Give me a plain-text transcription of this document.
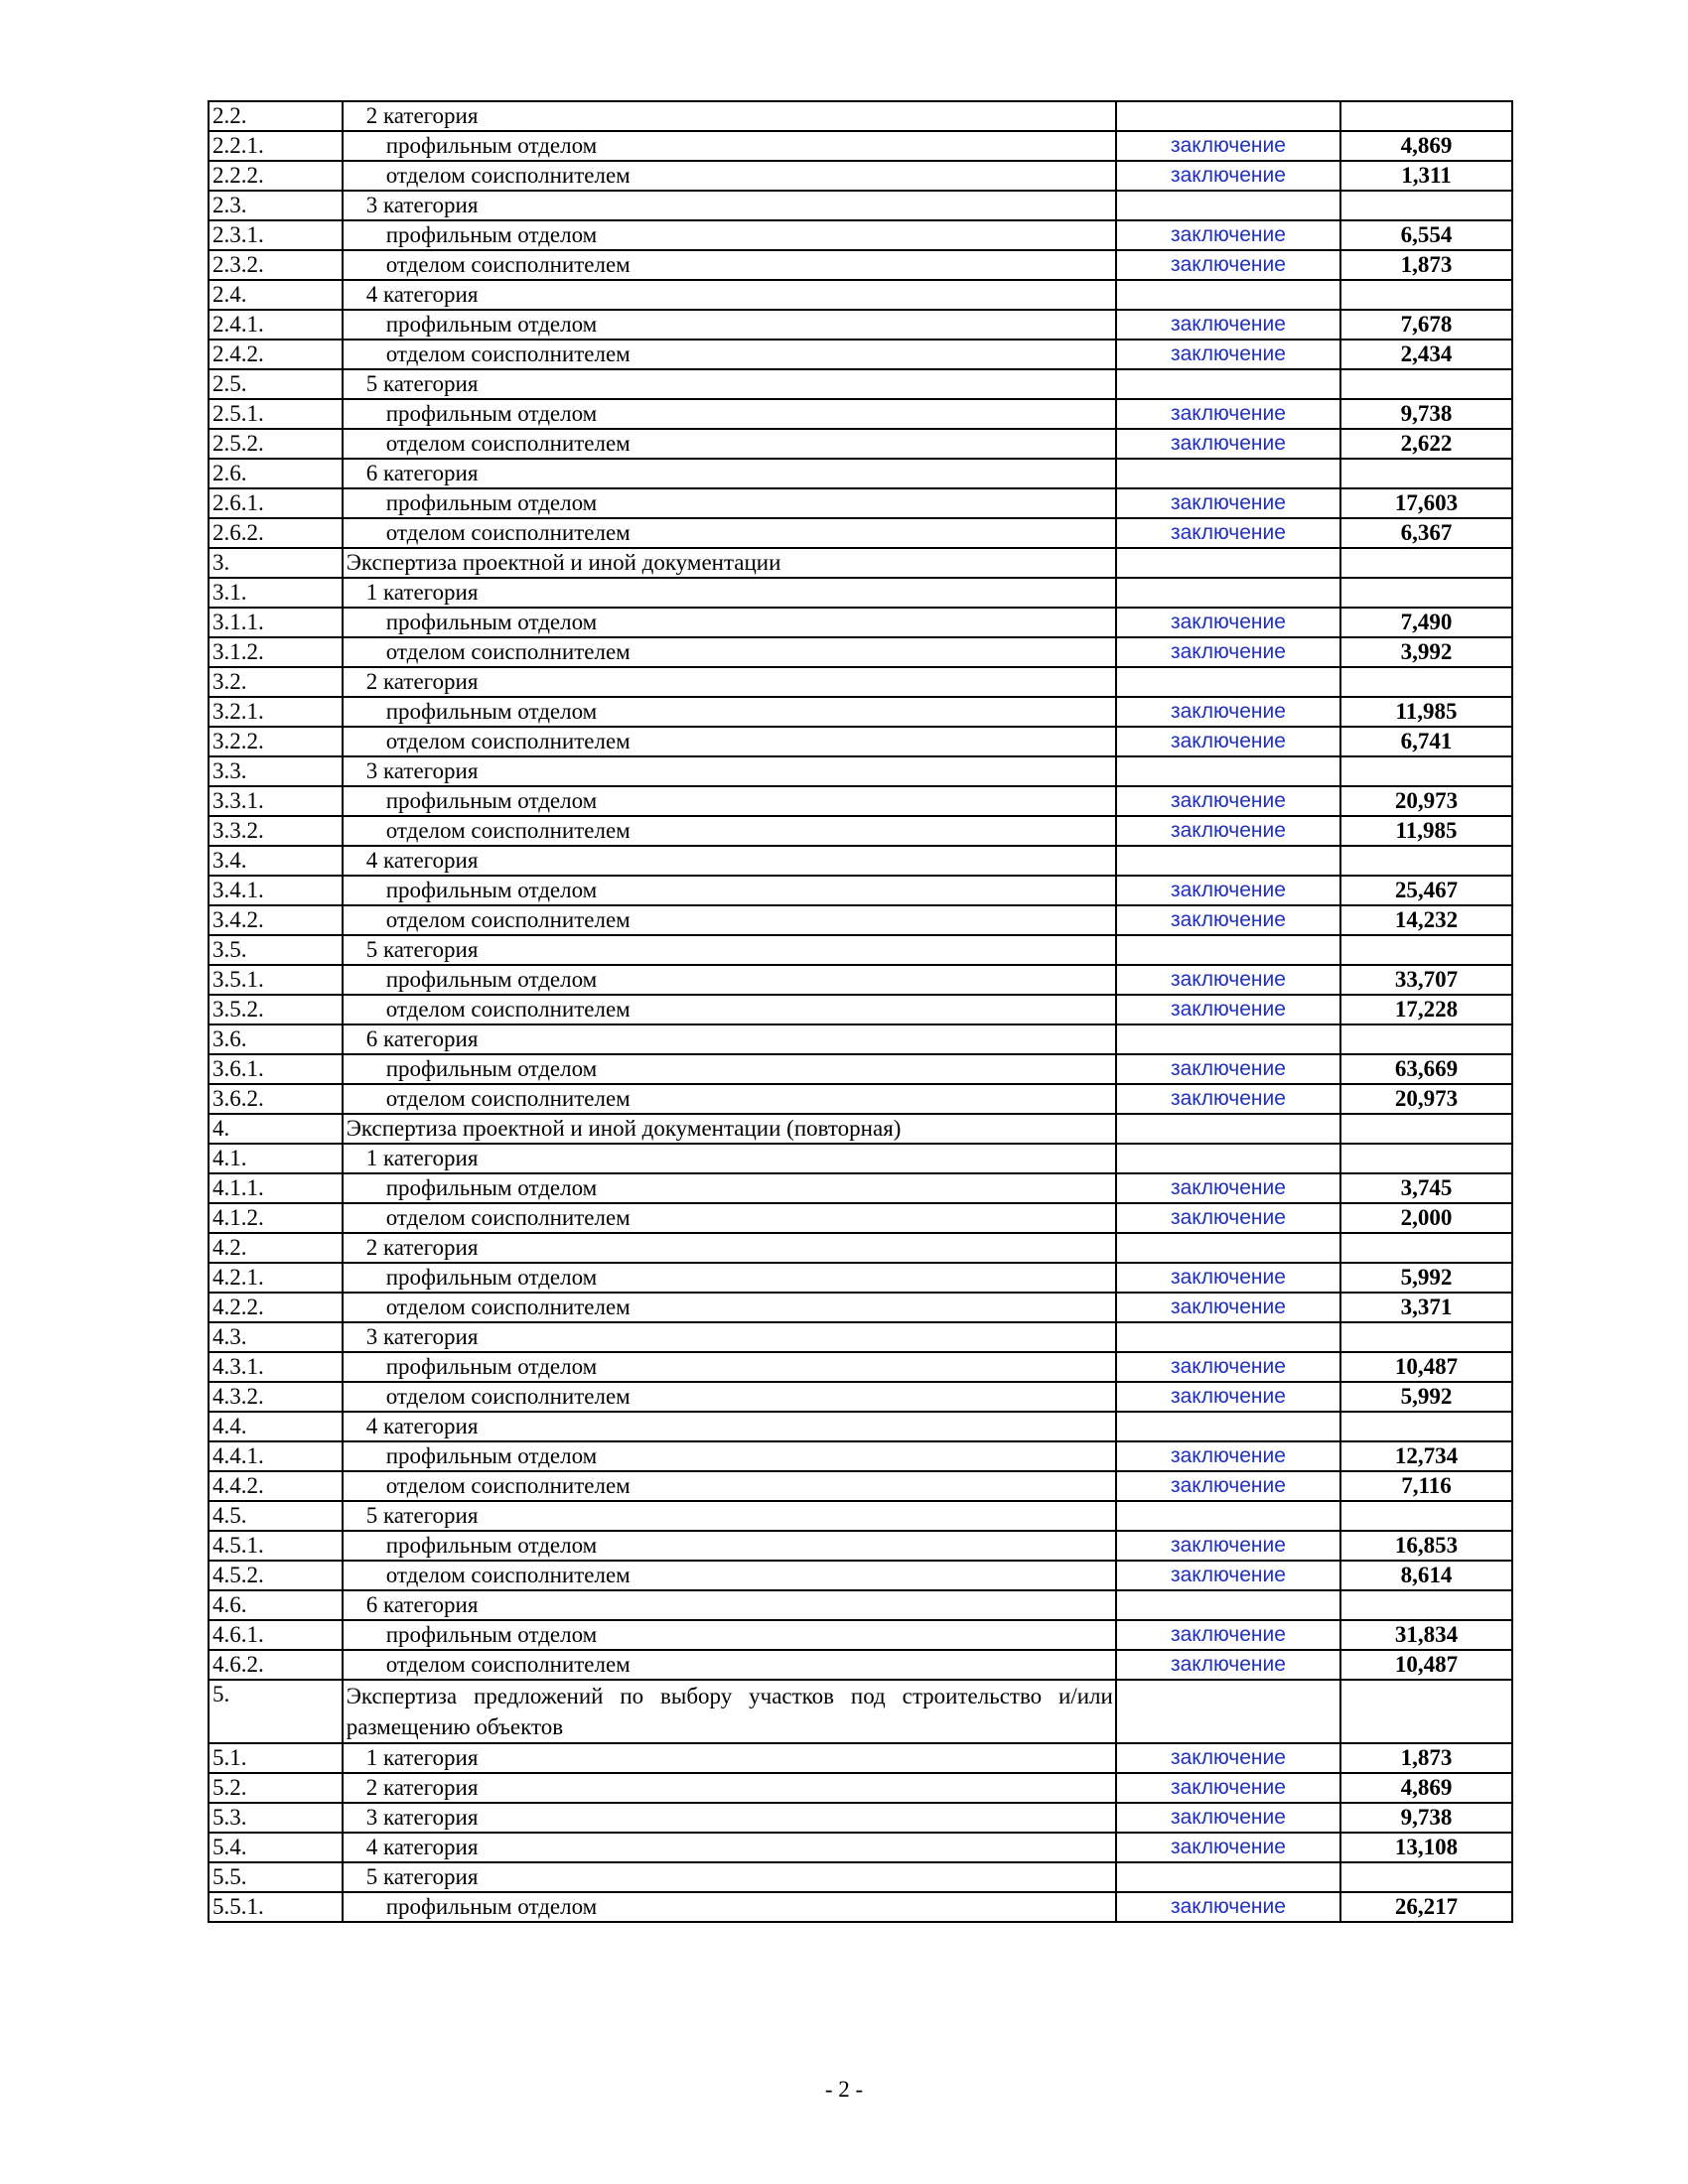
2.2.	2 категория		
2.2.1.	профильным отделом	заключение	4,869
2.2.2.	отделом соисполнителем	заключение	1,311
2.3.	3 категория		
2.3.1.	профильным отделом	заключение	6,554
2.3.2.	отделом соисполнителем	заключение	1,873
2.4.	4 категория		
2.4.1.	профильным отделом	заключение	7,678
2.4.2.	отделом соисполнителем	заключение	2,434
2.5.	5 категория		
2.5.1.	профильным отделом	заключение	9,738
2.5.2.	отделом соисполнителем	заключение	2,622
2.6.	6 категория		
2.6.1.	профильным отделом	заключение	17,603
2.6.2.	отделом соисполнителем	заключение	6,367
3.	Экспертиза проектной и иной документации		
3.1.	1 категория		
3.1.1.	профильным отделом	заключение	7,490
3.1.2.	отделом соисполнителем	заключение	3,992
3.2.	2 категория		
3.2.1.	профильным отделом	заключение	11,985
3.2.2.	отделом соисполнителем	заключение	6,741
3.3.	3 категория		
3.3.1.	профильным отделом	заключение	20,973
3.3.2.	отделом соисполнителем	заключение	11,985
3.4.	4 категория		
3.4.1.	профильным отделом	заключение	25,467
3.4.2.	отделом соисполнителем	заключение	14,232
3.5.	5 категория		
3.5.1.	профильным отделом	заключение	33,707
3.5.2.	отделом соисполнителем	заключение	17,228
3.6.	6 категория		
3.6.1.	профильным отделом	заключение	63,669
3.6.2.	отделом соисполнителем	заключение	20,973
4.	Экспертиза проектной и иной документации (повторная)		
4.1.	1 категория		
4.1.1.	профильным отделом	заключение	3,745
4.1.2.	отделом соисполнителем	заключение	2,000
4.2.	2 категория		
4.2.1.	профильным отделом	заключение	5,992
4.2.2.	отделом соисполнителем	заключение	3,371
4.3.	3 категория		
4.3.1.	профильным отделом	заключение	10,487
4.3.2.	отделом соисполнителем	заключение	5,992
4.4.	4 категория		
4.4.1.	профильным отделом	заключение	12,734
4.4.2.	отделом соисполнителем	заключение	7,116
4.5.	5 категория		
4.5.1.	профильным отделом	заключение	16,853
4.5.2.	отделом соисполнителем	заключение	8,614
4.6.	6 категория		
4.6.1.	профильным отделом	заключение	31,834
4.6.2.	отделом соисполнителем	заключение	10,487
5.	Экспертиза предложений по выбору участков под строительство и/или размещению объектов		
5.1.	1 категория	заключение	1,873
5.2.	2 категория	заключение	4,869
5.3.	3 категория	заключение	9,738
5.4.	4 категория	заключение	13,108
5.5.	5 категория		
5.5.1.	профильным отделом	заключение	26,217
- 2 -
